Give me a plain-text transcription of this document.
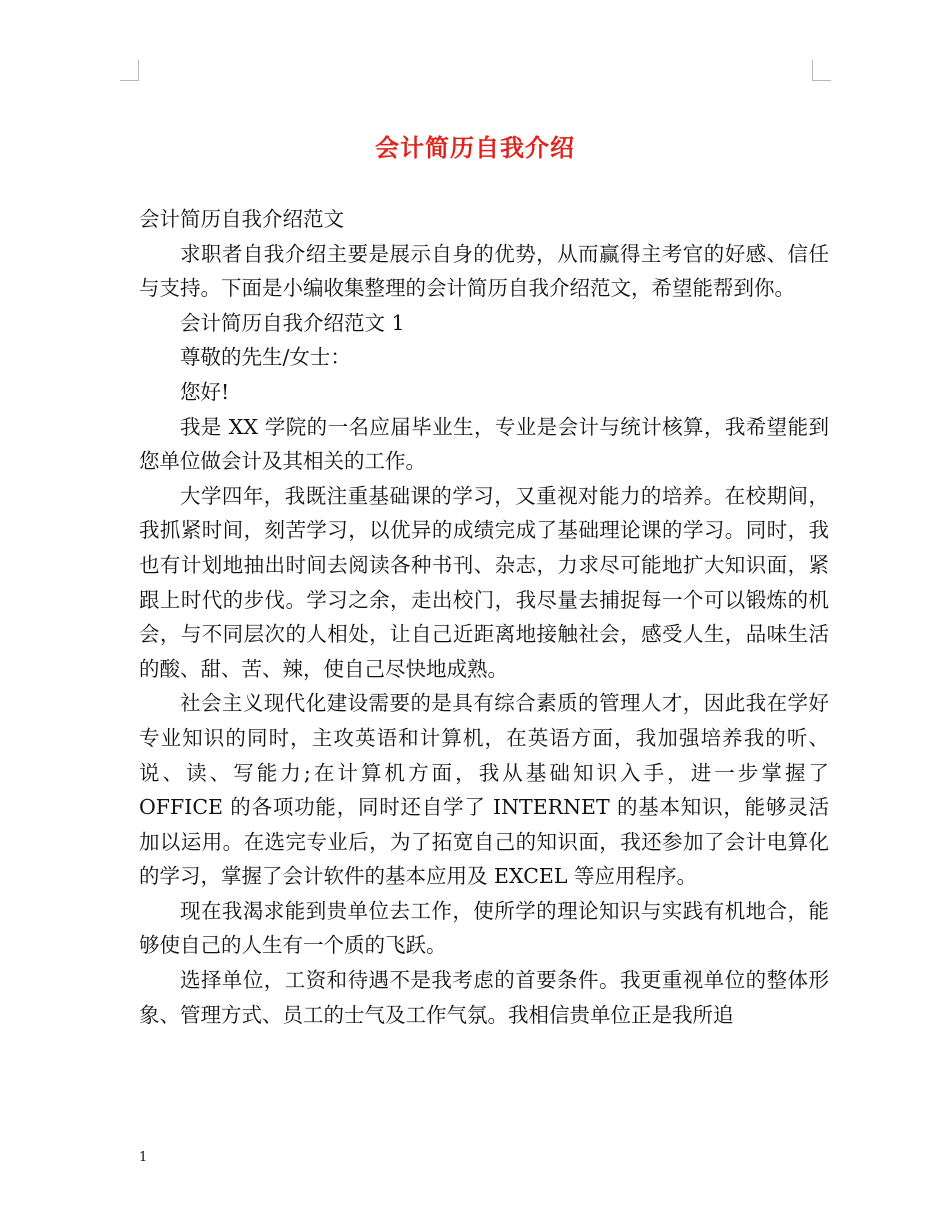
会计简历自我介绍

会计简历自我介绍范文

求职者自我介绍主要是展示自身的优势，从而赢得主考官的好感、信任与支持。下面是小编收集整理的会计简历自我介绍范文，希望能帮到你。

会计简历自我介绍范文 1

尊敬的先生/女士：

您好!

我是 XX 学院的一名应届毕业生，专业是会计与统计核算，我希望能到您单位做会计及其相关的工作。

大学四年，我既注重基础课的学习，又重视对能力的培养。在校期间，我抓紧时间，刻苦学习，以优异的成绩完成了基础理论课的学习。同时，我也有计划地抽出时间去阅读各种书刊、杂志，力求尽可能地扩大知识面，紧跟上时代的步伐。学习之余，走出校门，我尽量去捕捉每一个可以锻炼的机会，与不同层次的人相处，让自己近距离地接触社会，感受人生，品味生活的酸、甜、苦、辣，使自己尽快地成熟。

社会主义现代化建设需要的是具有综合素质的管理人才，因此我在学好专业知识的同时，主攻英语和计算机，在英语方面，我加强培养我的听、说、读、写能力;在计算机方面，我从基础知识入手，进一步掌握了 OFFICE 的各项功能，同时还自学了 INTERNET 的基本知识，能够灵活加以运用。在选完专业后，为了拓宽自己的知识面，我还参加了会计电算化的学习，掌握了会计软件的基本应用及 EXCEL 等应用程序。

现在我渴求能到贵单位去工作，使所学的理论知识与实践有机地合，能够使自己的人生有一个质的飞跃。

选择单位，工资和待遇不是我考虑的首要条件。我更重视单位的整体形象、管理方式、员工的士气及工作气氛。我相信贵单位正是我所追

1
